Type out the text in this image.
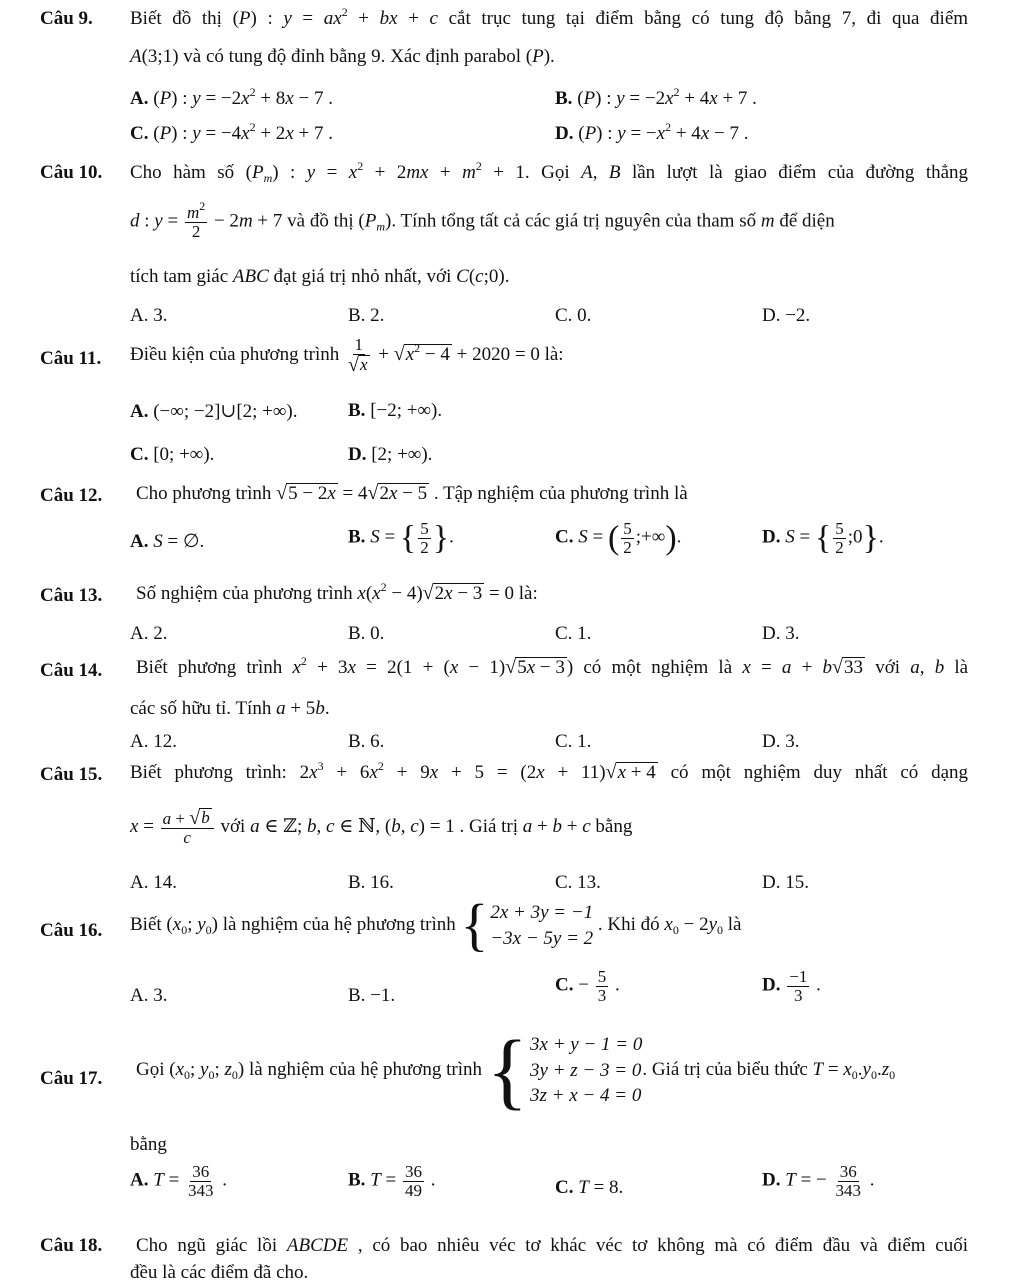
Câu 9. Biết đồ thị (P) : $y = ax^2$ + bx + c cắt trục tung tại điểm bằng có tung độ bằng 7, đi qua điểm
A(3;1) và có tung độ đỉnh bằng 9. Xác định parabol (P).
A. (P) : $y = -2x^2 + 8x - 7$ .	B. (P) : $y = -2x^2 + 4x + 7$ .
C. (P) : $y = -4x^2 + 2x + 7$ .	D. (P) : $y = -x^2 + 4x - 7$ .
Câu 10. Cho hàm số $(P_m)$ : $y = x^2 + 2mx + m^2 + 1$. Gọi A, B lần lượt là giao điểm của đường thẳng
d : $y = \frac{m^2}{2} - 2m + 7$ và đồ thị $(P_m)$. Tính tổng tất cả các giá trị nguyên của tham số m để diện
tích tam giác ABC đạt giá trị nhỏ nhất, với C(c;0).
A. 3.	B. 2.	C. 0.	D. −2.
Câu 11. Điều kiện của phương trình $\frac{1}{√ x}$ + √ $x^2 - 4 + 2020 = 0$ là:
A. (−∞; −2]∪[2; +∞).	B. [−2; +∞).
C. [0; +∞).	D. [2; +∞).
Câu 12. Cho phương trình √ 5 − 2x = 4 √ 2x − 5 . Tập nghiệm của phương trình là
A. S = ∅.	B. S = { $\frac{5}{2}$ }.	C. S = ( $\frac{5}{2}$ ;+∞).	D. S = { $\frac{5}{2}$ ;0}.
Câu 13. Số nghiệm của phương trình $x(x^2 - 4)$ √ 2x − 3 = 0 là:
A. 2.	B. 0.	C. 1.	D. 3.
Câu 14. Biết phương trình $x^2 + 3x = 2(1 + (x - 1)$ √ 5x − 3 ) có một nghiệm là x = a + b √ 33 với a, b là
các số hữu tỉ. Tính a + 5b.
A. 12.	B. 6.	C. 1.	D. 3.
Câu 15. Biết phương trình: $2x^3 + 6x^2 + 9x + 5 = (2x + 11)$ √ x + 4 có một nghiệm duy nhất có dạng
$x = \frac{a + √ b}{c}$ với a ∈ ℤ; b, c ∈ ℕ, (b, c) = 1 . Giá trị a + b + c bằng
A. 14.	B. 16.	C. 13.	D. 15.
Câu 16. Biết ($x_0$; $y_0$) là nghiệm của hệ phương trình { 2x + 3y = −1
−3x − 5y = 2
. Khi đó $x_0 - 2y_0$ là
A. 3.	B. −1.	C. − $\frac{5}{3}$ .	D. $\frac{-1}{3}$ .
Câu 17. Gọi ($x_0$; $y_0$; $z_0$) là nghiệm của hệ phương trình { 3x + y − 1 = 0
3y + z − 3 = 0
3z + x − 4 = 0
. Giá trị của biểu thức $T = x_0.y_0.z_0$
bằng
A. $T = \frac{36}{343}$ .	B. $T = \frac{36}{49}$ .	C. T = 8.	D. T = − $\frac{36}{343}$ .
Câu 18. Cho ngũ giác lồi ABCDE , có bao nhiêu véc tơ khác véc tơ không mà có điểm đầu và điểm cuối
đều là các điểm đã cho.
